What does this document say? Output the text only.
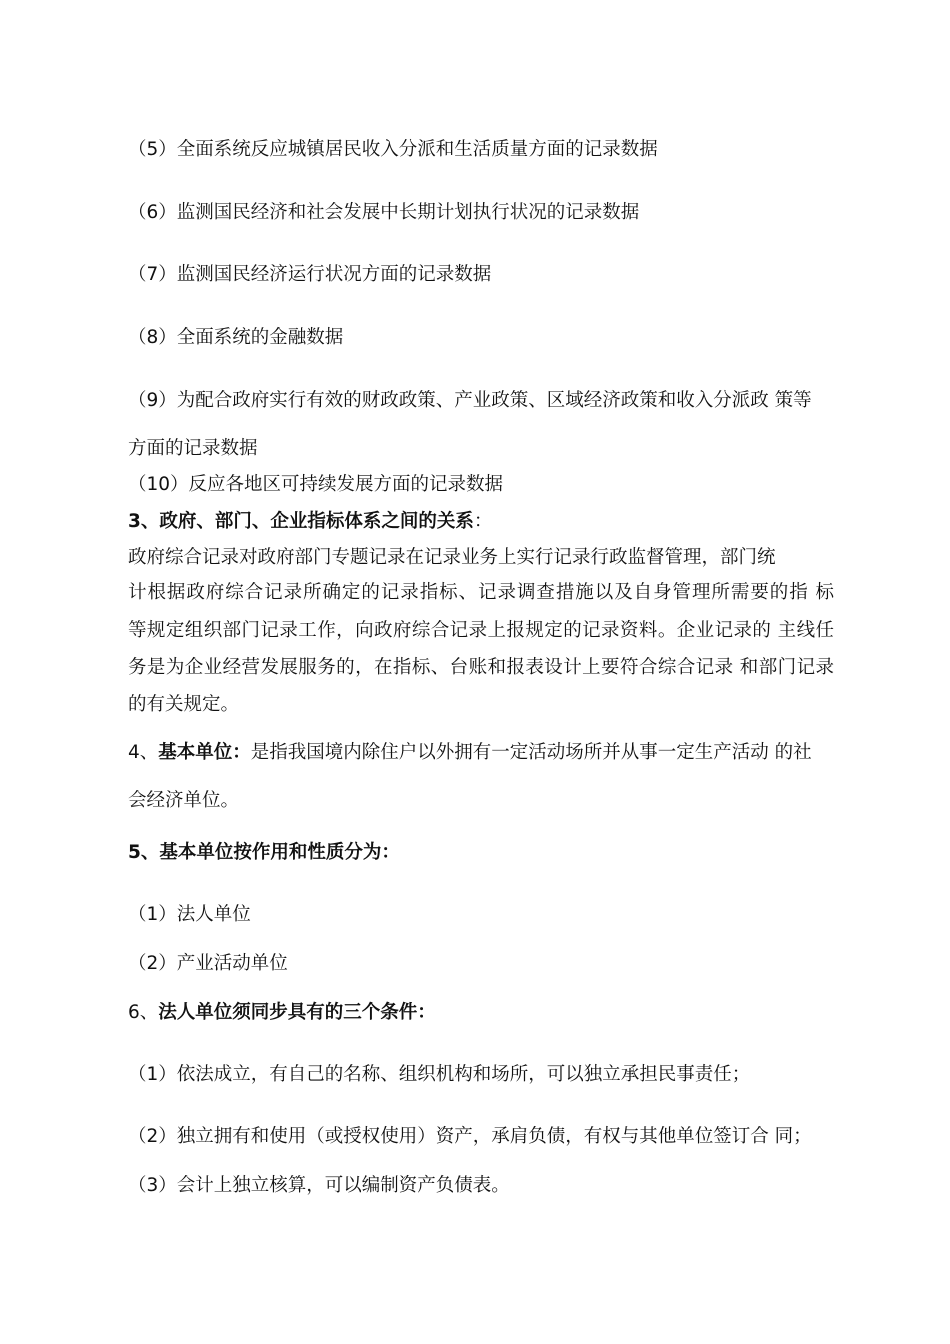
（5）全面系统反应城镇居民收入分派和生活质量方面的记录数据
（6）监测国民经济和社会发展中长期计划执行状况的记录数据
（7）监测国民经济运行状况方面的记录数据
（8）全面系统的金融数据
（9）为配合政府实行有效的财政政策、产业政策、区域经济政策和收入分派政 策等
方面的记录数据
（10）反应各地区可持续发展方面的记录数据
3、政府、部门、企业指标体系之间的关系：
政府综合记录对政府部门专题记录在记录业务上实行记录行政监督管理，部门统
计根据政府综合记录所确定的记录指标、记录调查措施以及自身管理所需要的指 标
等规定组织部门记录工作，向政府综合记录上报规定的记录资料。企业记录的 主线任
务是为企业经营发展服务的，在指标、台账和报表设计上要符合综合记录 和部门记录
的有关规定。
4、基本单位：是指我国境内除住户以外拥有一定活动场所并从事一定生产活动 的社
会经济单位。
5、基本单位按作用和性质分为：
（1）法人单位
（2）产业活动单位
6、法人单位须同步具有的三个条件：
（1）依法成立，有自己的名称、组织机构和场所，可以独立承担民事责任；
（2）独立拥有和使用（或授权使用）资产，承肩负债，有权与其他单位签订合 同；
（3）会计上独立核算，可以编制资产负债表。
